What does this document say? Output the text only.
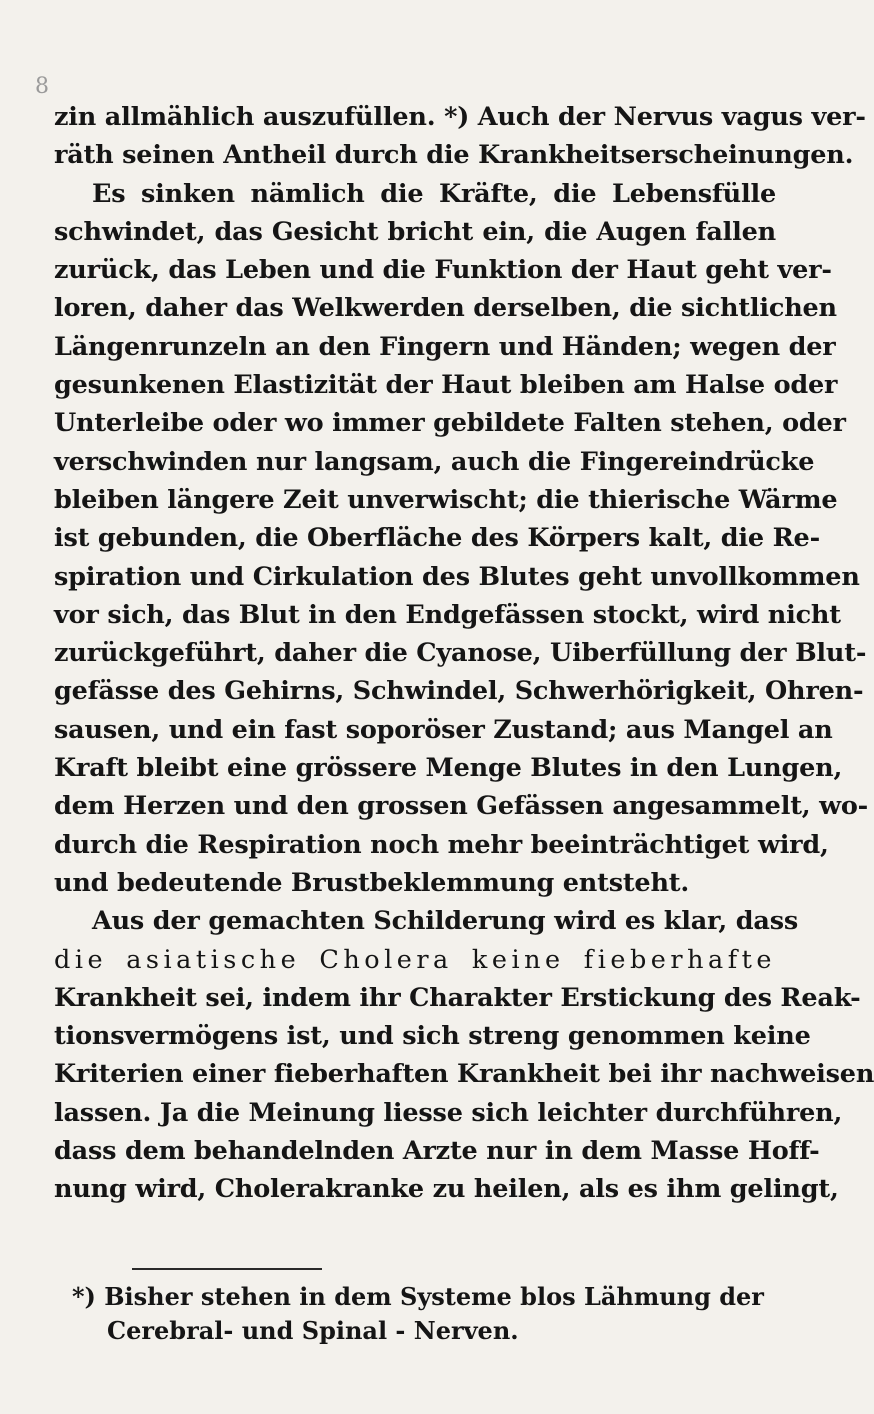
8
zin allmählich auszufüllen. *) Auch der Nervus vagus ver-
räth seinen Antheil durch die Krankheitserscheinungen.
Es sinken nämlich die Kräfte, die Lebensfülle
schwindet, das Gesicht bricht ein, die Augen fallen
zurück, das Leben und die Funktion der Haut geht ver-
loren, daher das Welkwerden derselben, die sichtlichen
Längenrunzeln an den Fingern und Händen; wegen der
gesunkenen Elastizität der Haut bleiben am Halse oder
Unterleibe oder wo immer gebildete Falten stehen, oder
verschwinden nur langsam, auch die Fingereindrücke
bleiben längere Zeit unverwischt; die thierische Wärme
ist gebunden, die Oberfläche des Körpers kalt, die Re-
spiration und Cirkulation des Blutes geht unvollkommen
vor sich, das Blut in den Endgefässen stockt, wird nicht
zurückgeführt, daher die Cyanose, Uiberfüllung der Blut-
gefässe des Gehirns, Schwindel, Schwerhörigkeit, Ohren-
sausen, und ein fast soporöser Zustand; aus Mangel an
Kraft bleibt eine grössere Menge Blutes in den Lungen,
dem Herzen und den grossen Gefässen angesammelt, wo-
durch die Respiration noch mehr beeinträchtiget wird,
und bedeutende Brustbeklemmung entsteht.
Aus der gemachten Schilderung wird es klar, dass
die asiatische Cholera keine fieberhafte
Krankheit sei, indem ihr Charakter Erstickung des Reak-
tionsvermögens ist, und sich streng genommen keine
Kriterien einer fieberhaften Krankheit bei ihr nachweisen
lassen. Ja die Meinung liesse sich leichter durchführen,
dass dem behandelnden Arzte nur in dem Masse Hoff-
nung wird, Cholerakranke zu heilen, als es ihm gelingt,
*) Bisher stehen in dem Systeme blos Lähmung der
Cerebral- und Spinal - Nerven.
